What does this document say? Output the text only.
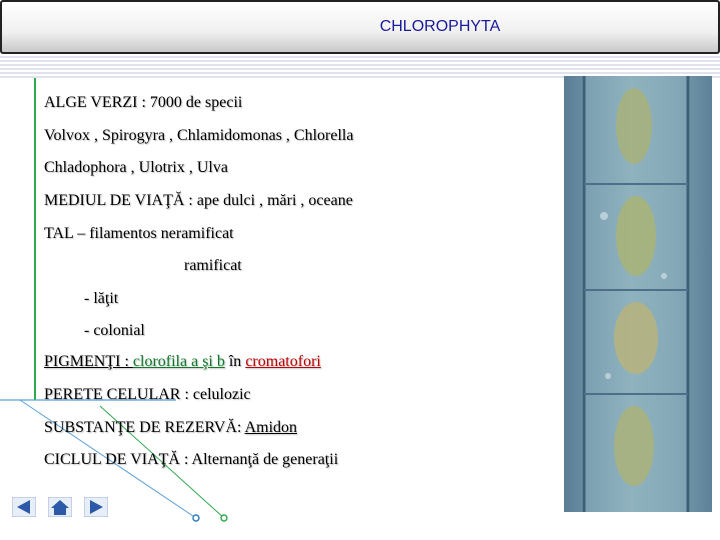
CHLOROPHYTA
ALGE VERZI : 7000 de specii
Volvox , Spirogyra , Chlamidomonas , Chlorella
Chladophora , Ulotrix , Ulva
MEDIUL DE VIAŢĂ : ape dulci , mări , oceane
TAL – filamentos neramificat
ramificat
- lăţit
- colonial
PIGMENŢI : clorofila a şi b în cromatofori
PERETE CELULAR : celulozic
SUBSTANŢE DE REZERVĂ: Amidon
CICLUL DE VIAŢĂ : Alternanţă de generaţii
